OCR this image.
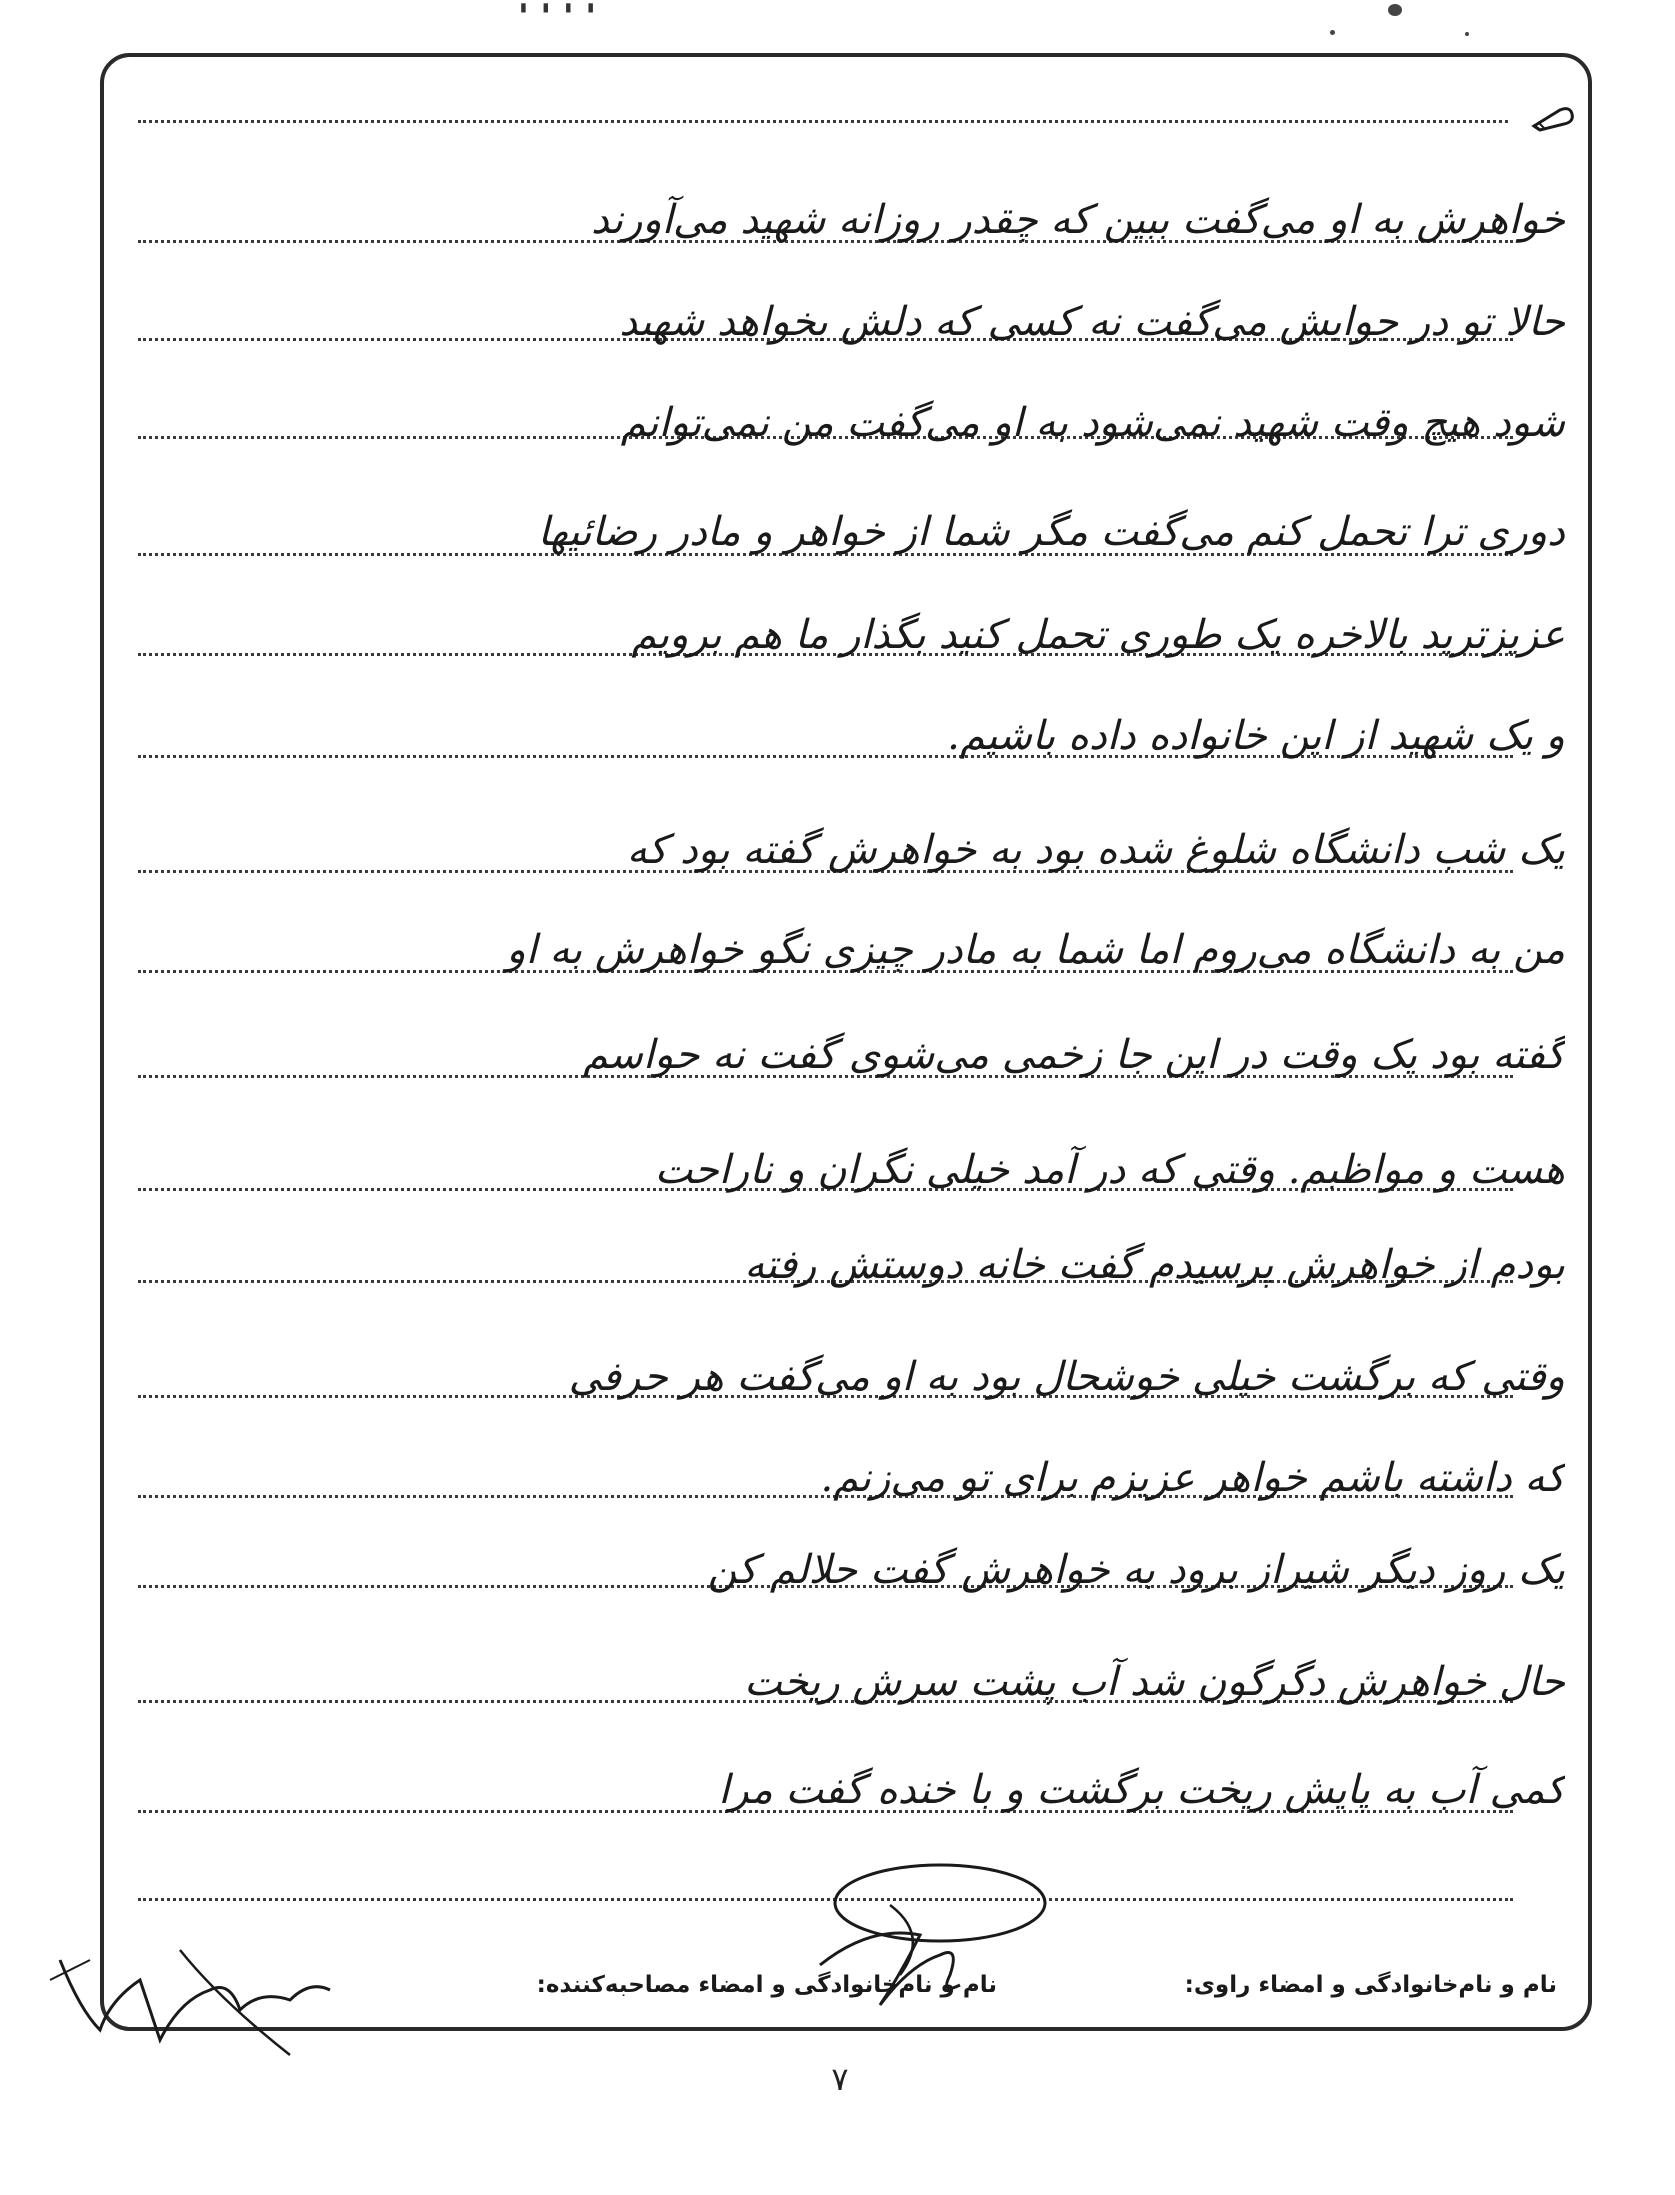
▮ ▮ ▮ ▮
خواهرش به او می‌گفت ببین که چقدر روزانه شهید می‌آورند
حالا تو در جوابش می‌گفت نه کسی که دلش بخواهد شهید
شود هیچ وقت شهید نمی‌شود به او می‌گفت من نمی‌توانم
دوری ترا تحمل کنم می‌گفت مگر شما از خواهر و مادر رضائیها
عزیزترید بالاخره یک طوری تحمل کنید بگذار ما هم برویم
و یک شهید از این خانواده داده باشیم.
یک شب دانشگاه شلوغ شده بود به خواهرش گفته بود که
من به دانشگاه می‌روم اما شما به مادر چیزی نگو خواهرش به او
گفته بود یک وقت در این جا زخمی می‌شوی گفت نه حواسم
هست و مواظبم. وقتی که در آمد خیلی نگران و ناراحت
بودم از خواهرش پرسیدم گفت خانه دوستش رفته
وقتی که برگشت خیلی خوشحال بود به او می‌گفت هر حرفی
که داشته باشم خواهر عزیزم برای تو می‌زنم.
یک روز دیگر شیراز برود به خواهرش گفت حلالم کن
حال خواهرش دگرگون شد آب پشت سرش ریخت
کمی آب به پایش ریخت برگشت و با خنده گفت مرا
نام و نام‌خانوادگی و امضاء راوی:
نام و نام‌خانوادگی و امضاء مصاحبه‌کننده:
۷
